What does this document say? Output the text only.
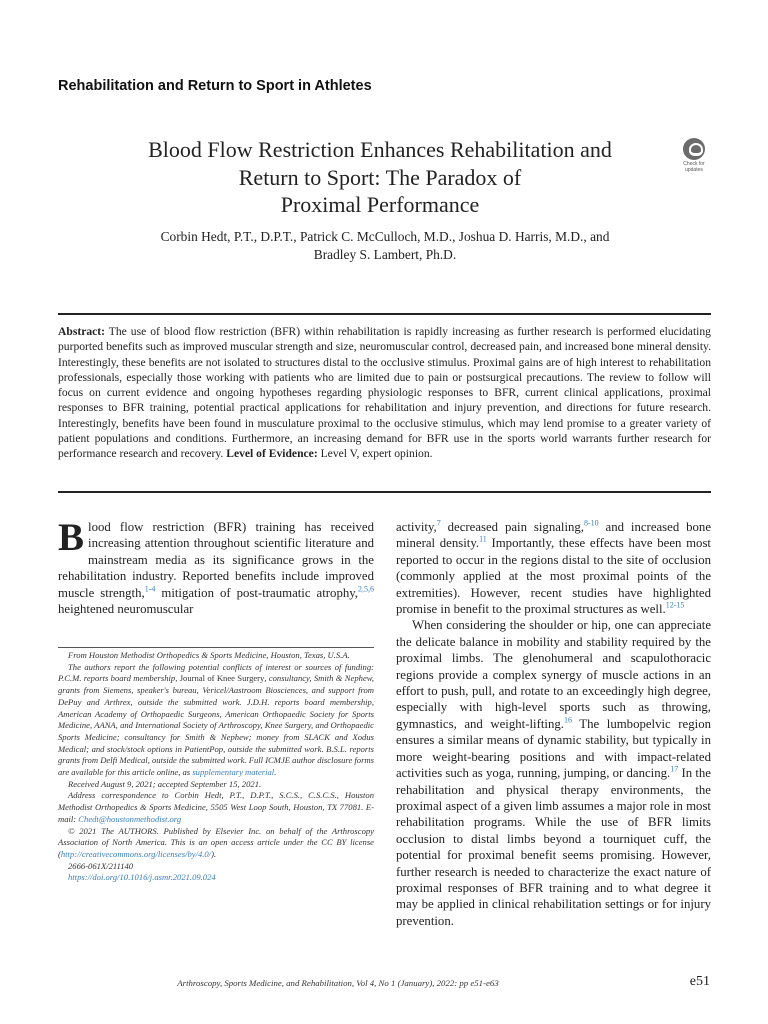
Rehabilitation and Return to Sport in Athletes
Blood Flow Restriction Enhances Rehabilitation and
Return to Sport: The Paradox of
Proximal Performance
Check for updates
Corbin Hedt, P.T., D.P.T., Patrick C. McCulloch, M.D., Joshua D. Harris, M.D., and
Bradley S. Lambert, Ph.D.
Abstract: The use of blood flow restriction (BFR) within rehabilitation is rapidly increasing as further research is performed elucidating purported benefits such as improved muscular strength and size, neuromuscular control, decreased pain, and increased bone mineral density. Interestingly, these benefits are not isolated to structures distal to the occlusive stimulus. Proximal gains are of high interest to rehabilitation professionals, especially those working with patients who are limited due to pain or postsurgical precautions. The review to follow will focus on current evidence and ongoing hypotheses regarding physiologic responses to BFR, current clinical applications, proximal responses to BFR training, potential practical applications for rehabilitation and injury prevention, and directions for future research. Interestingly, benefits have been found in musculature proximal to the occlusive stimulus, which may lend promise to a greater variety of patient populations and conditions. Furthermore, an increasing demand for BFR use in the sports world warrants further research for performance research and recovery. Level of Evidence: Level V, expert opinion.
Blood flow restriction (BFR) training has received increasing attention throughout scientific literature and mainstream media as its significance grows in the rehabilitation industry. Reported benefits include improved muscle strength,$^{1-4}$ mitigation of post-traumatic atrophy,$^{2,5,6}$ heightened neuromuscular

From Houston Methodist Orthopedics & Sports Medicine, Houston, Texas, U.S.A.

The authors report the following potential conflicts of interest or sources of funding: P.C.M. reports board membership, Journal of Knee Surgery, consultancy, Smith & Nephew, grants from Siemens, speaker's bureau, Vericel/Aastroom Biosciences, and support from DePuy and Arthrex, outside the submitted work. J.D.H. reports board membership, American Academy of Orthopaedic Surgeons, American Orthopaedic Society for Sports Medicine, AANA, and International Society of Arthroscopy, Knee Surgery, and Orthopaedic Sports Medicine; consultancy for Smith & Nephew; money from SLACK and Xodus Medical; and stock/stock options in PatientPop, outside the submitted work. B.S.L. reports grants from Delfi Medical, outside the submitted work. Full ICMJE author disclosure forms are available for this article online, as supplementary material.

Received August 9, 2021; accepted September 15, 2021.

Address correspondence to Corbin Hedt, P.T., D.P.T., S.C.S., C.S.C.S., Houston Methodist Orthopedics & Sports Medicine, 5505 West Loop South, Houston, TX 77081. E-mail: Chedt@houstonmethodist.org

© 2021 The AUTHORS. Published by Elsevier Inc. on behalf of the Arthroscopy Association of North America. This is an open access article under the CC BY license (http://creativecommons.org/licenses/by/4.0/).

2666-061X/211140

https://doi.org/10.1016/j.asmr.2021.09.024

activity,$^7$ decreased pain signaling,$^{8-10}$ and increased bone mineral density.$^{11}$ Importantly, these effects have been most reported to occur in the regions distal to the site of occlusion (commonly applied at the most proximal points of the extremities). However, recent studies have highlighted promise in benefit to the proximal structures as well.$^{12-15}$
When considering the shoulder or hip, one can appreciate the delicate balance in mobility and stability required by the proximal limbs. The glenohumeral and scapulothoracic regions provide a complex synergy of muscle actions in an effort to push, pull, and rotate to an exceedingly high degree, especially with high-level sports such as throwing, gymnastics, and weight-lifting.$^{16}$ The lumbopelvic region ensures a similar means of dynamic stability, but typically in more weight-bearing positions and with impact-related activities such as yoga, running, jumping, or dancing.$^{17}$ In the rehabilitation and physical therapy environments, the proximal aspect of a given limb assumes a major role in most rehabilitation programs. While the use of BFR limits occlusion to distal limbs beyond a tourniquet cuff, the potential for proximal benefit seems promising. However, further research is needed to characterize the exact nature of proximal responses of BFR training and to what degree it may be applied in clinical rehabilitation settings or for injury prevention.
Arthroscopy, Sports Medicine, and Rehabilitation, Vol 4, No 1 (January), 2022: pp e51-e63	e51
